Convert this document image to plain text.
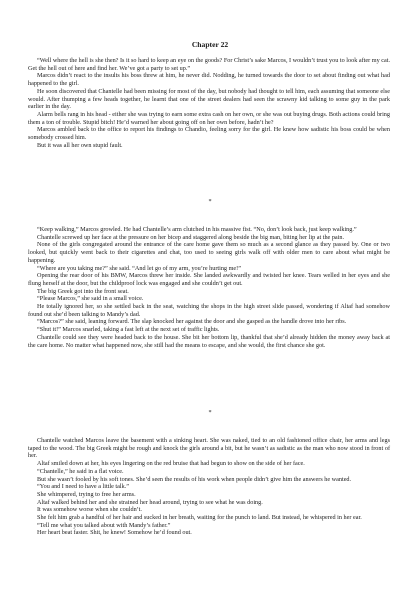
Chapter 22

“Well where the hell is she then? Is it so hard to keep an eye on the goods? For Christ’s sake Marcos, I wouldn’t trust you to look after my cat. Get the hell out of here and find her. We’ve got a party to set up.”

Marcos didn’t react to the insults his boss threw at him, he never did. Nodding, he turned towards the door to set about finding out what had happened to the girl.

He soon discovered that Chantelle had been missing for most of the day, but nobody had thought to tell him, each assuming that someone else would. After thumping a few heads together, he learnt that one of the street dealers had seen the scrawny kid talking to some guy in the park earlier in the day.

Alarm bells rang in his head - either she was trying to earn some extra cash on her own, or she was out buying drugs. Both actions could bring them a ton of trouble. Stupid bitch! He’d warned her about going off on her own before, hadn’t he?

Marcos ambled back to the office to report his findings to Chandio, feeling sorry for the girl. He knew how sadistic his boss could be when somebody crossed him.

But it was all her own stupid fault.

*

“Keep walking,” Marcos growled. He had Chantelle’s arm clutched in his massive fist. “No, don’t look back, just keep walking.”

Chantelle screwed up her face at the pressure on her bicep and staggered along beside the big man, biting her lip at the pain.

None of the girls congregated around the entrance of the care home gave them so much as a second glance as they passed by. One or two looked, but quickly went back to their cigarettes and chat, too used to seeing girls walk off with older men to care about what might be happening.

“Where are you taking me?” she said. “And let go of my arm, you’re hurting me!”

Opening the rear door of his BMW, Marcos threw her inside. She landed awkwardly and twisted her knee. Tears welled in her eyes and she flung herself at the door, but the childproof lock was engaged and she couldn’t get out.

The big Greek got into the front seat.

“Please Marcos,” she said in a small voice.

He totally ignored her, so she settled back in the seat, watching the shops in the high street slide passed, wondering if Altaf had somehow found out she’d been talking to Mandy’s dad.

“Marcos?” she said, leaning forward. The slap knocked her against the door and she gasped as the handle drove into her ribs.

“Shut it!” Marcos snarled, taking a fast left at the next set of traffic lights.

Chantelle could see they were headed back to the house. She bit her bottom lip, thankful that she’d already hidden the money away back at the care home. No matter what happened now, she still had the means to escape, and she would, the first chance she got.

*

Chantelle watched Marcos leave the basement with a sinking heart. She was naked, tied to an old fashioned office chair, her arms and legs taped to the wood. The big Greek might be rough and knock the girls around a bit, but he wasn’t as sadistic as the man who now stood in front of her.

Altaf smiled down at her, his eyes lingering on the red bruise that had begun to show on the side of her face.

“Chantelle,” he said in a flat voice.

But she wasn’t fooled by his soft tones. She’d seen the results of his work when people didn’t give him the answers he wanted.

“You and I need to have a little talk.”

She whimpered, trying to free her arms.

Altaf walked behind her and she strained her head around, trying to see what he was doing.

It was somehow worse when she couldn’t.

She felt him grab a handful of her hair and sucked in her breath, waiting for the punch to land. But instead, he whispered in her ear.

“Tell me what you talked about with Mandy’s father.”

Her heart beat faster. Shit, he knew! Somehow he’d found out.
